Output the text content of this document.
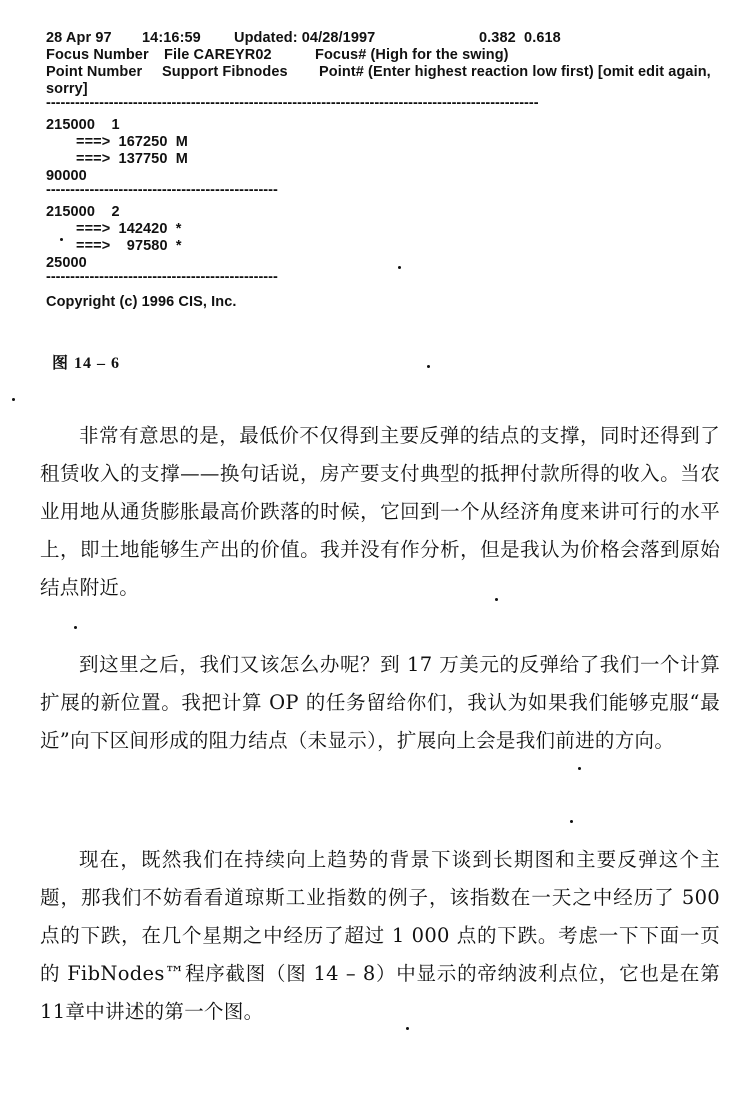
28 Apr 97

14:16:59

Updated: 04/28/1997

	0.382  0.618

Focus Number

File CAREYR02

	Focus# (High for the swing)

Point Number

Support Fibnodes

Point# (Enter highest reaction low first) [omit edit again,

sorry]
------------------------------------------------------------------------------------------------------
215000    1
===>  167250  M
===>  137750  M
90000
------------------------------------------------
215000    2
===>  142420  *
===>    97580  *
25000
------------------------------------------------
Copyright (c) 1996 CIS, Inc.
图 14 – 6
非常有意思的是，最低价不仅得到主要反弹的结点的支撑，同时还得到了租赁收入的支撑——换句话说，房产要支付典型的抵押付款所得的收入。当农业用地从通货膨胀最高价跌落的时候，它回到一个从经济角度来讲可行的水平上，即土地能够生产出的价值。我并没有作分析，但是我认为价格会落到原始结点附近。
到这里之后，我们又该怎么办呢？到 17 万美元的反弹给了我们一个计算扩展的新位置。我把计算 OP 的任务留给你们，我认为如果我们能够克服“最近”向下区间形成的阻力结点（未显示），扩展向上会是我们前进的方向。
现在，既然我们在持续向上趋势的背景下谈到长期图和主要反弹这个主题，那我们不妨看看道琼斯工业指数的例子，该指数在一天之中经历了 500 点的下跌，在几个星期之中经历了超过 1 000 点的下跌。考虑一下下面一页的 FibNodes™程序截图（图 14 – 8）中显示的帝纳波利点位，它也是在第 11章中讲述的第一个图。
